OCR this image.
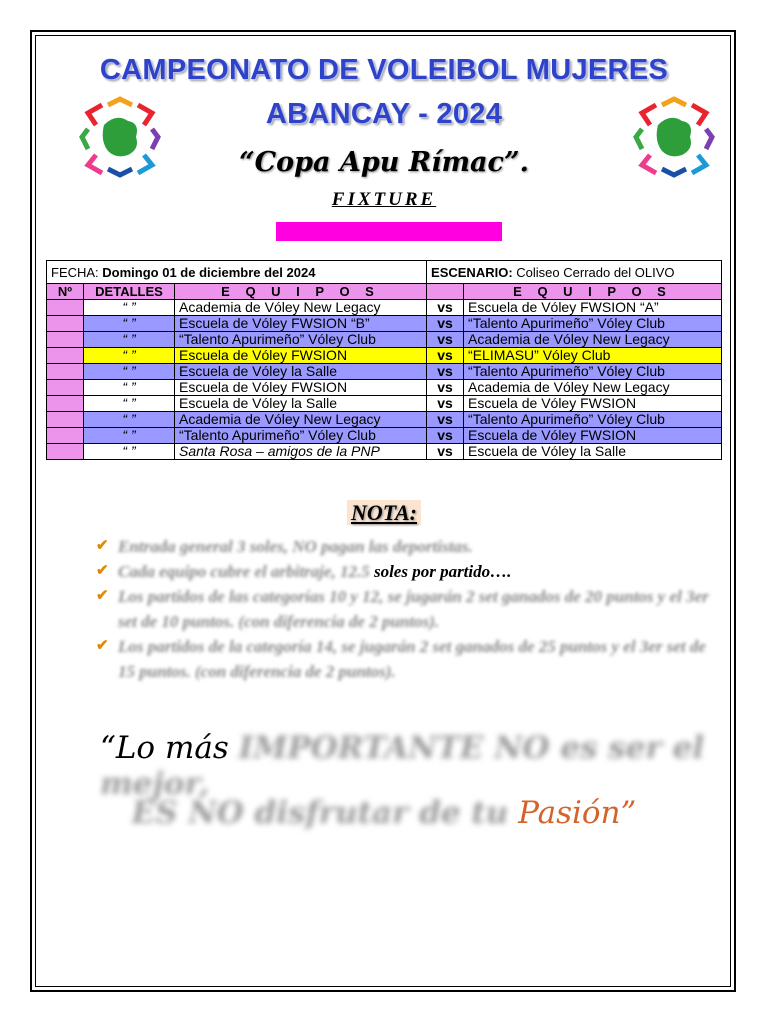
CAMPEONATO DE VOLEIBOL MUJERES
ABANCAY - 2024
“Copa Apu Rímac”.
FIXTURE
FECHA: Domingo 01 de diciembre del 2024			ESCENARIO: Coliseo Cerrado del OLIVO	
Nº	DETALLES	E Q U I P O S		E Q U I P O S
	“ ”	Academia de Vóley New Legacy	vs	Escuela de Vóley FWSION “A”
	“ ”	Escuela de Vóley FWSION “B”	vs	“Talento Apurimeño” Vóley Club
	“ ”	“Talento Apurimeño” Vóley Club	vs	Academia de Vóley New Legacy
	“ ”	Escuela de Vóley FWSION	vs	“ELIMASU” Vóley Club
	“ ”	Escuela de Vóley la Salle	vs	“Talento Apurimeño” Vóley Club
	“ ”	Escuela de Vóley FWSION	vs	Academia de Vóley New Legacy
	“ ”	Escuela de Vóley la Salle	vs	Escuela de Vóley FWSION
	“ ”	Academia de Vóley New Legacy	vs	“Talento Apurimeño” Vóley Club
	“ ”	“Talento Apurimeño” Vóley Club	vs	Escuela de Vóley FWSION
	“ ”	Santa Rosa – amigos de la PNP	vs	Escuela de Vóley la Salle
NOTA:
✔ Entrada general 3 soles, NO pagan las deportistas.
✔ Cada equipo cubre el arbitraje, 12.5 soles por partido….
✔ Los partidos de las categorías 10 y 12, se jugarán 2 set ganados de 20 puntos y el 3er set de 10 puntos. (con diferencia de 2 puntos).
✔ Los partidos de la categoría 14, se jugarán 2 set ganados de 25 puntos y el 3er set de 15 puntos. (con diferencia de 2 puntos).
“Lo más IMPORTANTE NO es ser el mejor,
ES NO disfrutar de tu Pasión”
